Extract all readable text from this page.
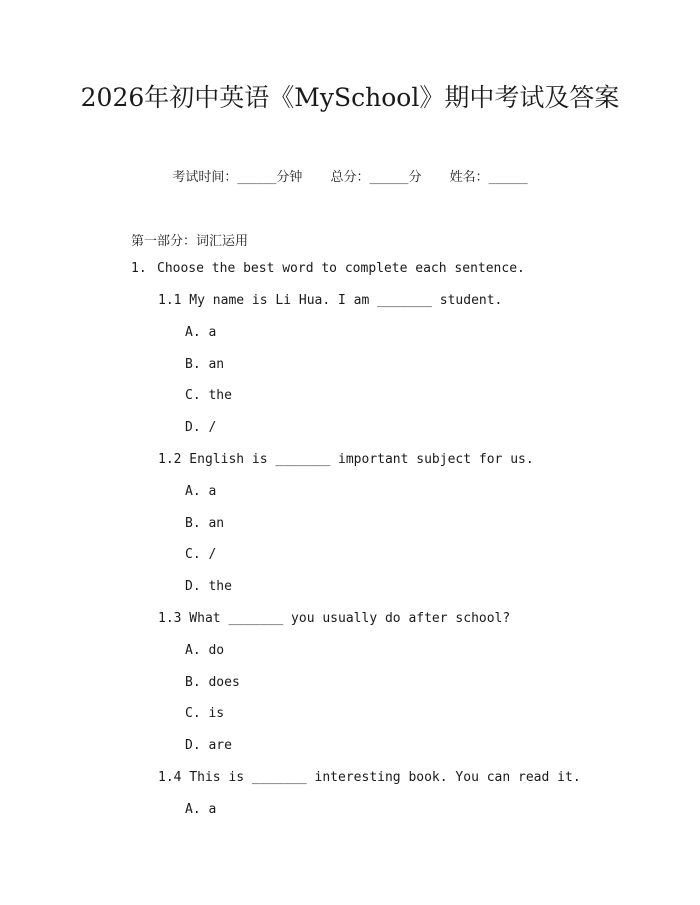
2026年初中英语《MySchool》期中考试及答案
考试时间：______分钟 总分：______分 姓名：______
第一部分：词汇运用
1. Choose the best word to complete each sentence.
1.1 My name is Li Hua. I am _______ student.
A. a
B. an
C. the
D. /
1.2 English is _______ important subject for us.
A. a
B. an
C. /
D. the
1.3 What _______ you usually do after school?
A. do
B. does
C. is
D. are
1.4 This is _______ interesting book. You can read it.
A. a
